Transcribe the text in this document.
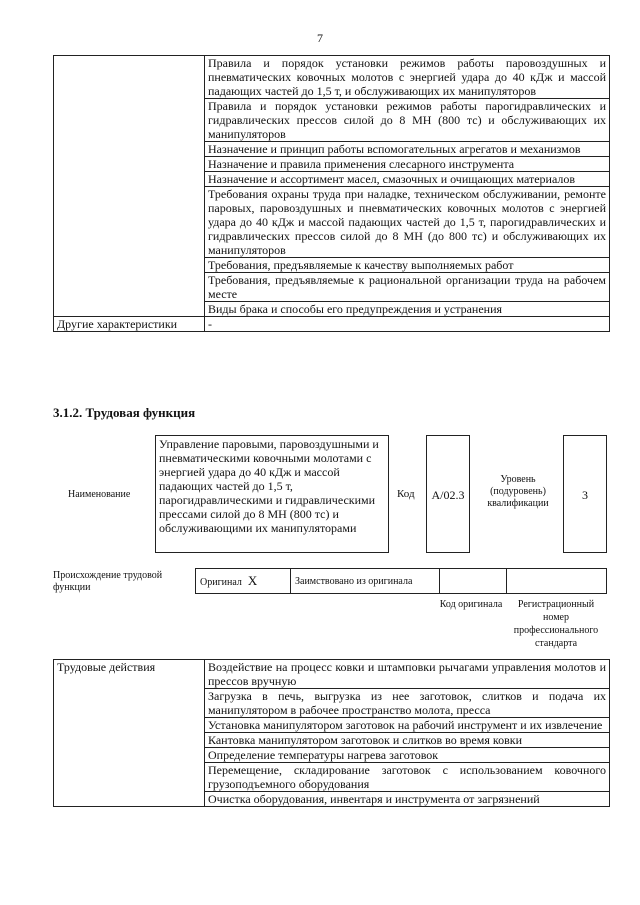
7
	Правила и порядок установки режимов работы паровоздушных и пневматических ковочных молотов с энергией удара до 40 кДж и массой падающих частей до 1,5 т, и обслуживающих их манипуляторов
	Правила и порядок установки режимов работы парогидравлических и гидравлических прессов силой до 8 МН (800 тс) и обслуживающих их манипуляторов
	Назначение и принцип работы вспомогательных агрегатов и механизмов
	Назначение и правила применения слесарного инструмента
	Назначение и ассортимент масел, смазочных и очищающих материалов
	Требования охраны труда при наладке, техническом обслуживании, ремонте паровых, паровоздушных и пневматических ковочных молотов с энергией удара до 40 кДж и массой падающих частей до 1,5 т, парогидравлических и гидравлических прессов силой до 8 МН (до 800 тс) и обслуживающих их манипуляторов
	Требования, предъявляемые к качеству выполняемых работ
	Требования, предъявляемые к рациональной организации труда на рабочем месте
	Виды брака и способы его предупреждения и устранения
Другие характеристики	-
3.1.2. Трудовая функция
Наименование
Управление паровыми, паровоздушными и пневматическими ковочными молотами с энергией удара до 40 кДж и массой падающих частей до 1,5 т, парогидравлическими и гидравлическими прессами силой до 8 МН (800 тс) и обслуживающими их манипуляторами
Код	А/02.3
Уровень (подуровень) квалификации
3
Происхождение трудовой функции	Оригинал X	Заимствовано из оригинала		
Код оригинала	Регистрационный номер профессионального стандарта
Трудовые действия	Воздействие на процесс ковки и штамповки рычагами управления молотов и прессов вручную
Загрузка в печь, выгрузка из нее заготовок, слитков и подача их манипулятором в рабочее пространство молота, пресса
Установка манипулятором заготовок на рабочий инструмент и их извлечение
Кантовка манипулятором заготовок и слитков во время ковки
Определение температуры нагрева заготовок
Перемещение, складирование заготовок с использованием ковочного грузоподъемного оборудования
Очистка оборудования, инвентаря и инструмента от загрязнений
